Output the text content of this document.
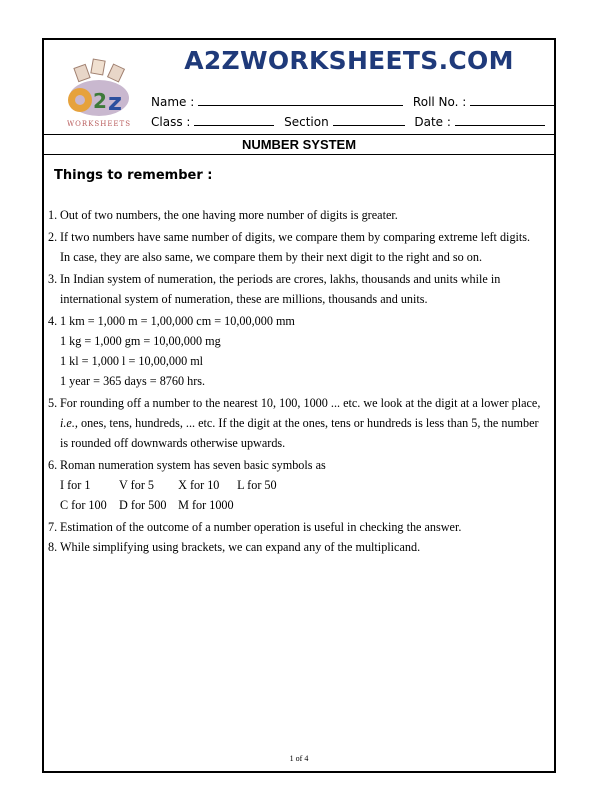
2 z
WORKSHEETS
A2ZWORKSHEETS.COM
Name :	Roll No. :
Class :	Section	Date :
NUMBER SYSTEM
Things to remember :
1. Out of two numbers, the one having more number of digits is greater.
2. If two numbers have same number of digits, we compare them by comparing extreme left digits. In case, they are also same, we compare them by their next digit to the right and so on.
3. In Indian system of numeration, the periods are crores, lakhs, thousands and units while in international system of numeration, these are millions, thousands and units.
4. 1 km = 1,000 m = 1,00,000 cm = 10,00,000 mm
1 kg = 1,000 gm = 10,00,000 mg
1 kl = 1,000 l = 10,00,000 ml
1 year = 365 days = 8760 hrs.
5. For rounding off a number to the nearest 10, 100, 1000 ... etc. we look at the digit at a lower place, i.e., ones, tens, hundreds, ... etc. If the digit at the ones, tens or hundreds is less than 5, the number is rounded off downwards otherwise upwards.
6. Roman numeration system has seven basic symbols as
I for 1 V for 5 X for 10 L for 50
C for 100 D for 500 M for 1000
7. Estimation of the outcome of a number operation is useful in checking the answer.
8. While simplifying using brackets, we can expand any of the multiplicand.
1 of 4
